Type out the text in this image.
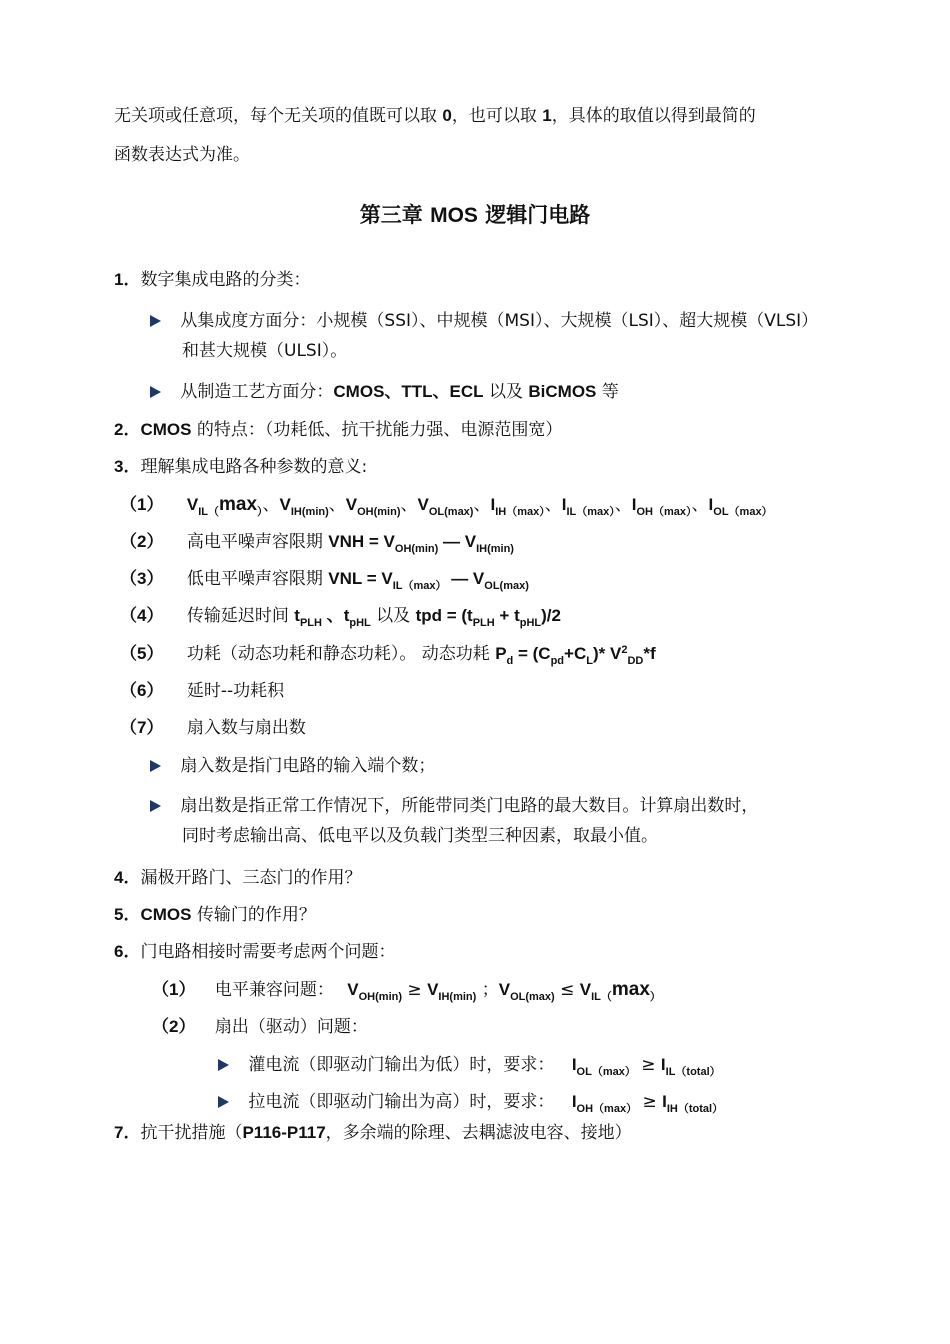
无关项或任意项，每个无关项的值既可以取 0，也可以取 1，具体的取值以得到最简的
函数表达式为准。
第三章 MOS 逻辑门电路
1．数字集成电路的分类：
从集成度方面分：小规模（SSI）、中规模（MSI）、大规模（LSI）、超大规模（VLSI）
和甚大规模（ULSI）。
从制造工艺方面分：CMOS、TTL、ECL 以及 BiCMOS 等
2．CMOS 的特点：（功耗低、抗干扰能力强、电源范围宽）
3．理解集成电路各种参数的意义:
（1） $V_{IL(}\max_)$、$V_{IH(min)}$、$V_{OH(min)}$、$V_{OL(max)}$、$I_{IH(max)}$、$I_{IL(max)}$、$I_{OH(max)}$、$I_{OL(max)}$
（2） 高电平噪声容限期 VNH = $V_{OH(min)}$ — $V_{IH(min)}$
（3） 低电平噪声容限期 VNL = $V_{IL(max)}$ — $V_{OL(max)}$
（4） 传输延迟时间 $t_{PLH}$ 、$t_{pHL}$ 以及 tpd = $(t_{PLH} + t_{pHL})/2$
（5） 功耗（动态功耗和静态功耗）。 动态功耗 $P_d = (C_{pd}+C_L)*$ $V^2_{DD}*f$
（6） 延时--功耗积
（7） 扇入数与扇出数
扇入数是指门电路的输入端个数；
扇出数是指正常工作情况下，所能带同类门电路的最大数目。计算扇出数时，
同时考虑输出高、低电平以及负载门类型三种因素，取最小值。
4．漏极开路门、三态门的作用？
5．CMOS 传输门的作用？
6．门电路相接时需要考虑两个问题：
（1） 电平兼容问题： $V_{OH(min)} \ge V_{IH(min)}$ ；$V_{OL(max)} \le V_{IL(}\max_)$
（2） 扇出（驱动）问题：
灌电流（即驱动门输出为低）时，要求： $I_{OL(max)} \ge I_{IL(total)}$
拉电流（即驱动门输出为高）时，要求： $I_{OH(max)} \ge I_{IH(total)}$
7．抗干扰措施（P116-P117，多余端的除理、去耦滤波电容、接地）
